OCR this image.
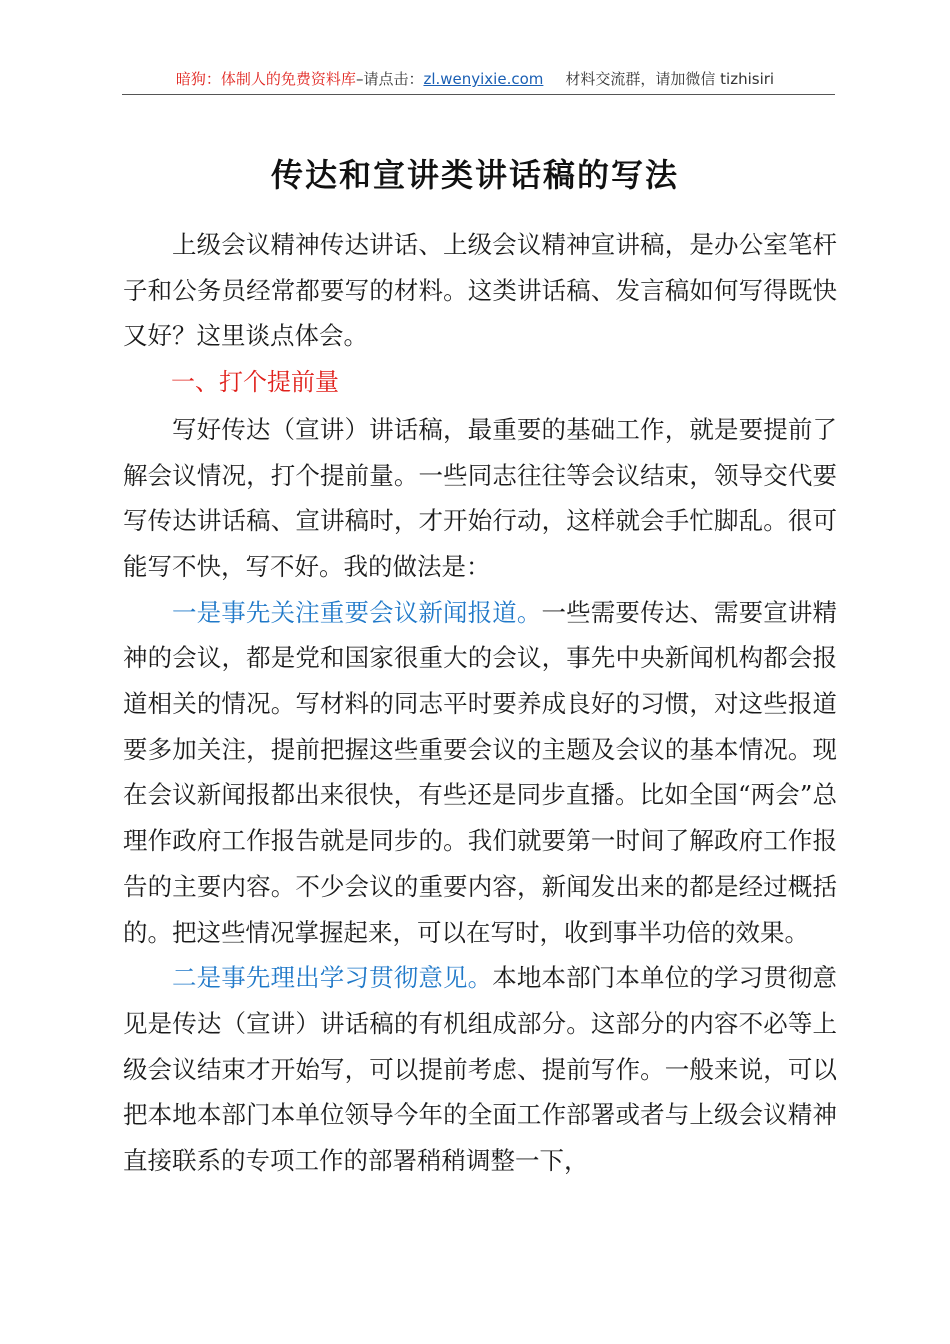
暗狗：体制人的免费资料库–请点击：zl.wenyixie.com 材料交流群，请加微信 tizhisiri
传达和宣讲类讲话稿的写法

上级会议精神传达讲话、上级会议精神宣讲稿，是办公室笔杆子和公务员经常都要写的材料。这类讲话稿、发言稿如何写得既快又好？这里谈点体会。

一、打个提前量

写好传达（宣讲）讲话稿，最重要的基础工作，就是要提前了解会议情况，打个提前量。一些同志往往等会议结束，领导交代要写传达讲话稿、宣讲稿时，才开始行动，这样就会手忙脚乱。很可能写不快，写不好。我的做法是：

一是事先关注重要会议新闻报道。一些需要传达、需要宣讲精神的会议，都是党和国家很重大的会议，事先中央新闻机构都会报道相关的情况。写材料的同志平时要养成良好的习惯，对这些报道要多加关注，提前把握这些重要会议的主题及会议的基本情况。现在会议新闻报都出来很快，有些还是同步直播。比如全国“两会”总理作政府工作报告就是同步的。我们就要第一时间了解政府工作报告的主要内容。不少会议的重要内容，新闻发出来的都是经过概括的。把这些情况掌握起来，可以在写时，收到事半功倍的效果。

二是事先理出学习贯彻意见。本地本部门本单位的学习贯彻意见是传达（宣讲）讲话稿的有机组成部分。这部分的内容不必等上级会议结束才开始写，可以提前考虑、提前写作。一般来说，可以把本地本部门本单位领导今年的全面工作部署或者与上级会议精神直接联系的专项工作的部署稍稍调整一下，
